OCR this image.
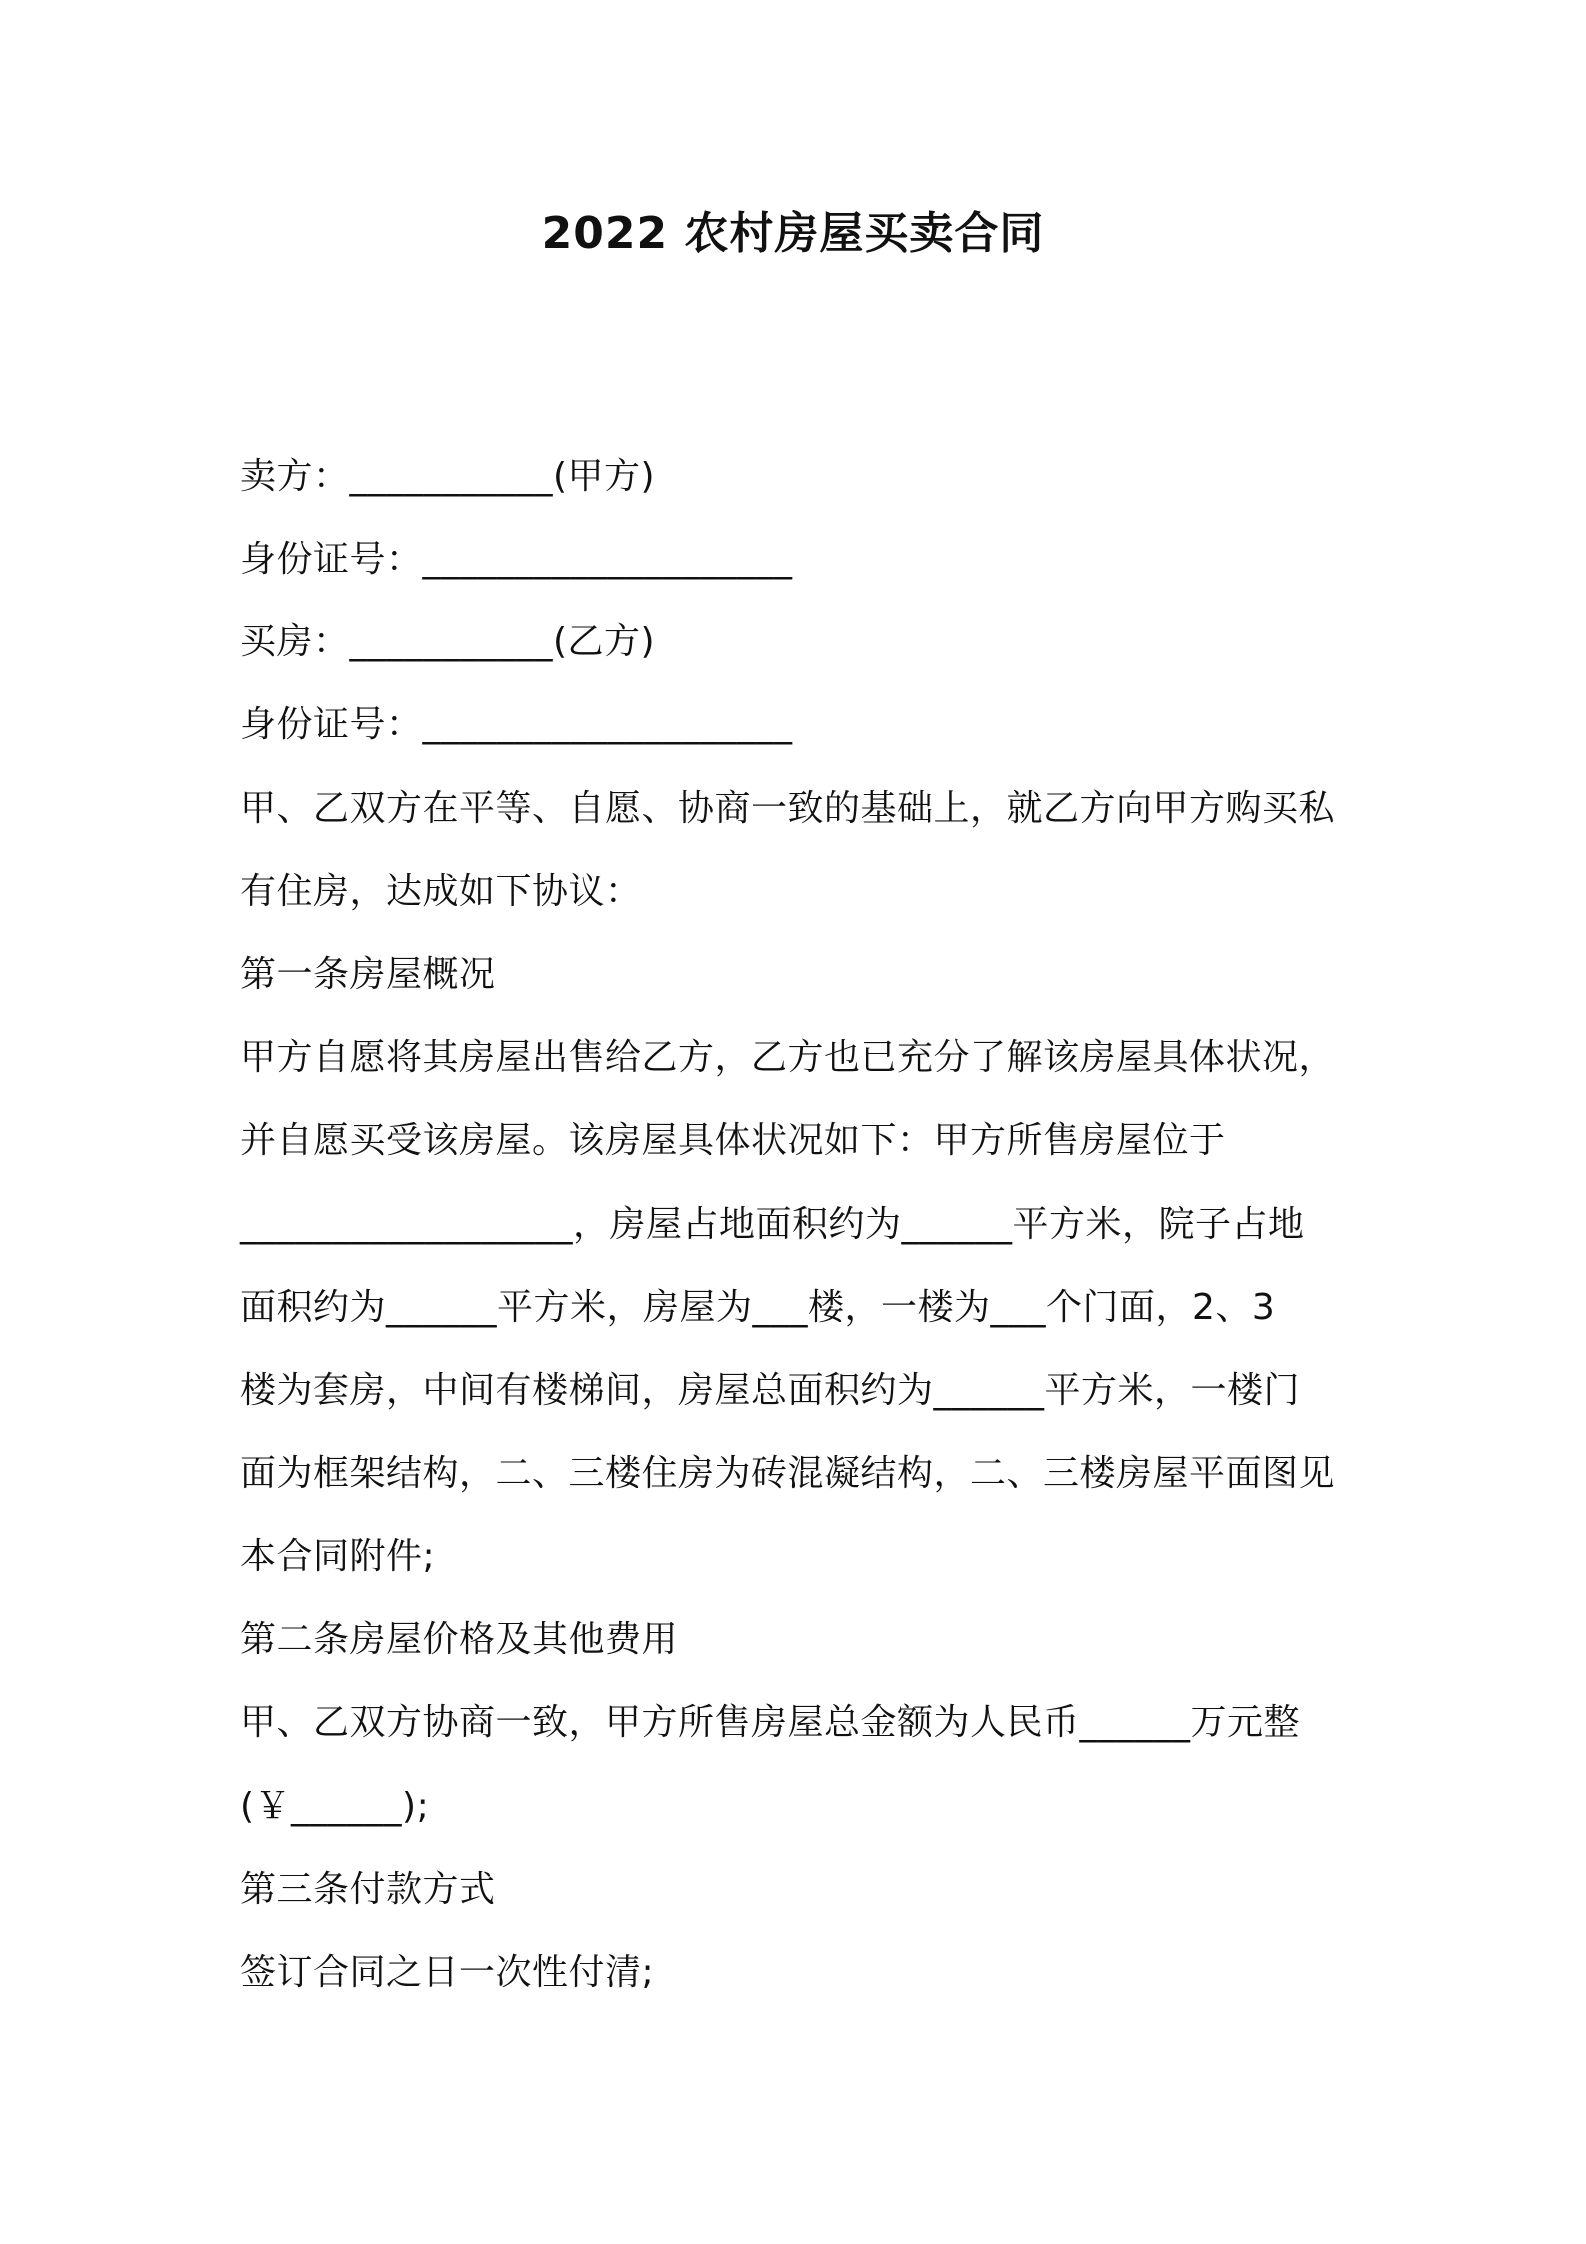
2022 农村房屋买卖合同
卖方：___________(甲方)
身份证号：____________________
买房：___________(乙方)
身份证号：____________________
甲、乙双方在平等、自愿、协商一致的基础上，就乙方向甲方购买私
有住房，达成如下协议：
第一条房屋概况
甲方自愿将其房屋出售给乙方，乙方也已充分了解该房屋具体状况，
并自愿买受该房屋。该房屋具体状况如下：甲方所售房屋位于
__________________，房屋占地面积约为______平方米，院子占地
面积约为______平方米，房屋为___楼，一楼为___个门面，2、3
楼为套房，中间有楼梯间，房屋总面积约为______平方米，一楼门
面为框架结构，二、三楼住房为砖混凝结构，二、三楼房屋平面图见
本合同附件;
第二条房屋价格及其他费用
甲、乙双方协商一致，甲方所售房屋总金额为人民币______万元整
(￥______);
第三条付款方式
签订合同之日一次性付清;
